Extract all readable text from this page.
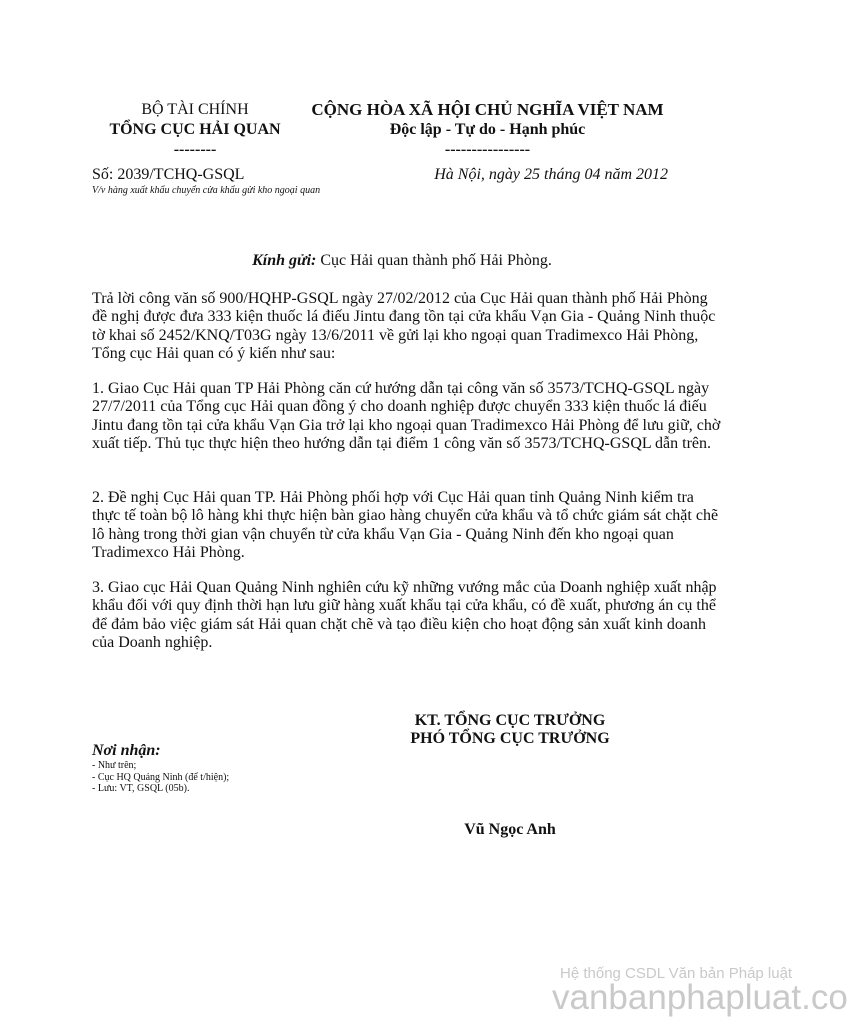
BỘ TÀI CHÍNH
TỔNG CỤC HẢI QUAN
--------
CỘNG HÒA XÃ HỘI CHỦ NGHĨA VIỆT NAM
Độc lập - Tự do - Hạnh phúc
----------------
Số: 2039/TCHQ-GSQL
V/v hàng xuất khẩu chuyển cửa khẩu gửi kho ngoại quan
Hà Nội, ngày 25 tháng 04 năm 2012
Kính gửi: Cục Hải quan thành phố Hải Phòng.
Trả lời công văn số 900/HQHP-GSQL ngày 27/02/2012 của Cục Hải quan thành phố Hải Phòng đề nghị được đưa 333 kiện thuốc lá điếu Jintu đang tồn tại cửa khẩu Vạn Gia - Quảng Ninh thuộc tờ khai số 2452/KNQ/T03G ngày 13/6/2011 về gửi lại kho ngoại quan Tradimexco Hải Phòng, Tổng cục Hải quan có ý kiến như sau:
1. Giao Cục Hải quan TP Hải Phòng căn cứ hướng dẫn tại công văn số 3573/TCHQ-GSQL ngày 27/7/2011 của Tổng cục Hải quan đồng ý cho doanh nghiệp được chuyển 333 kiện thuốc lá điếu Jintu đang tồn tại cửa khẩu Vạn Gia trở lại kho ngoại quan Tradimexco Hải Phòng để lưu giữ, chờ xuất tiếp. Thủ tục thực hiện theo hướng dẫn tại điểm 1 công văn số 3573/TCHQ-GSQL dẫn trên.
2. Đề nghị Cục Hải quan TP. Hải Phòng phối hợp với Cục Hải quan tỉnh Quảng Ninh kiểm tra thực tế toàn bộ lô hàng khi thực hiện bàn giao hàng chuyển cửa khẩu và tổ chức giám sát chặt chẽ lô hàng trong thời gian vận chuyển từ cửa khẩu Vạn Gia - Quảng Ninh đến kho ngoại quan Tradimexco Hải Phòng.
3. Giao cục Hải Quan Quảng Ninh nghiên cứu kỹ những vướng mắc của Doanh nghiệp xuất nhập khẩu đối với quy định thời hạn lưu giữ hàng xuất khẩu tại cửa khẩu, có đề xuất, phương án cụ thể để đảm bảo việc giám sát Hải quan chặt chẽ và tạo điều kiện cho hoạt động sản xuất kinh doanh của Doanh nghiệp.
KT. TỔNG CỤC TRƯỞNG
PHÓ TỔNG CỤC TRƯỞNG
Nơi nhận:
- Như trên;
- Cục HQ Quảng Ninh (để t/hiện);
- Lưu: VT, GSQL (05b).
Vũ Ngọc Anh
Hệ thống CSDL Văn bản Pháp luật
vanbanphapluat.co
